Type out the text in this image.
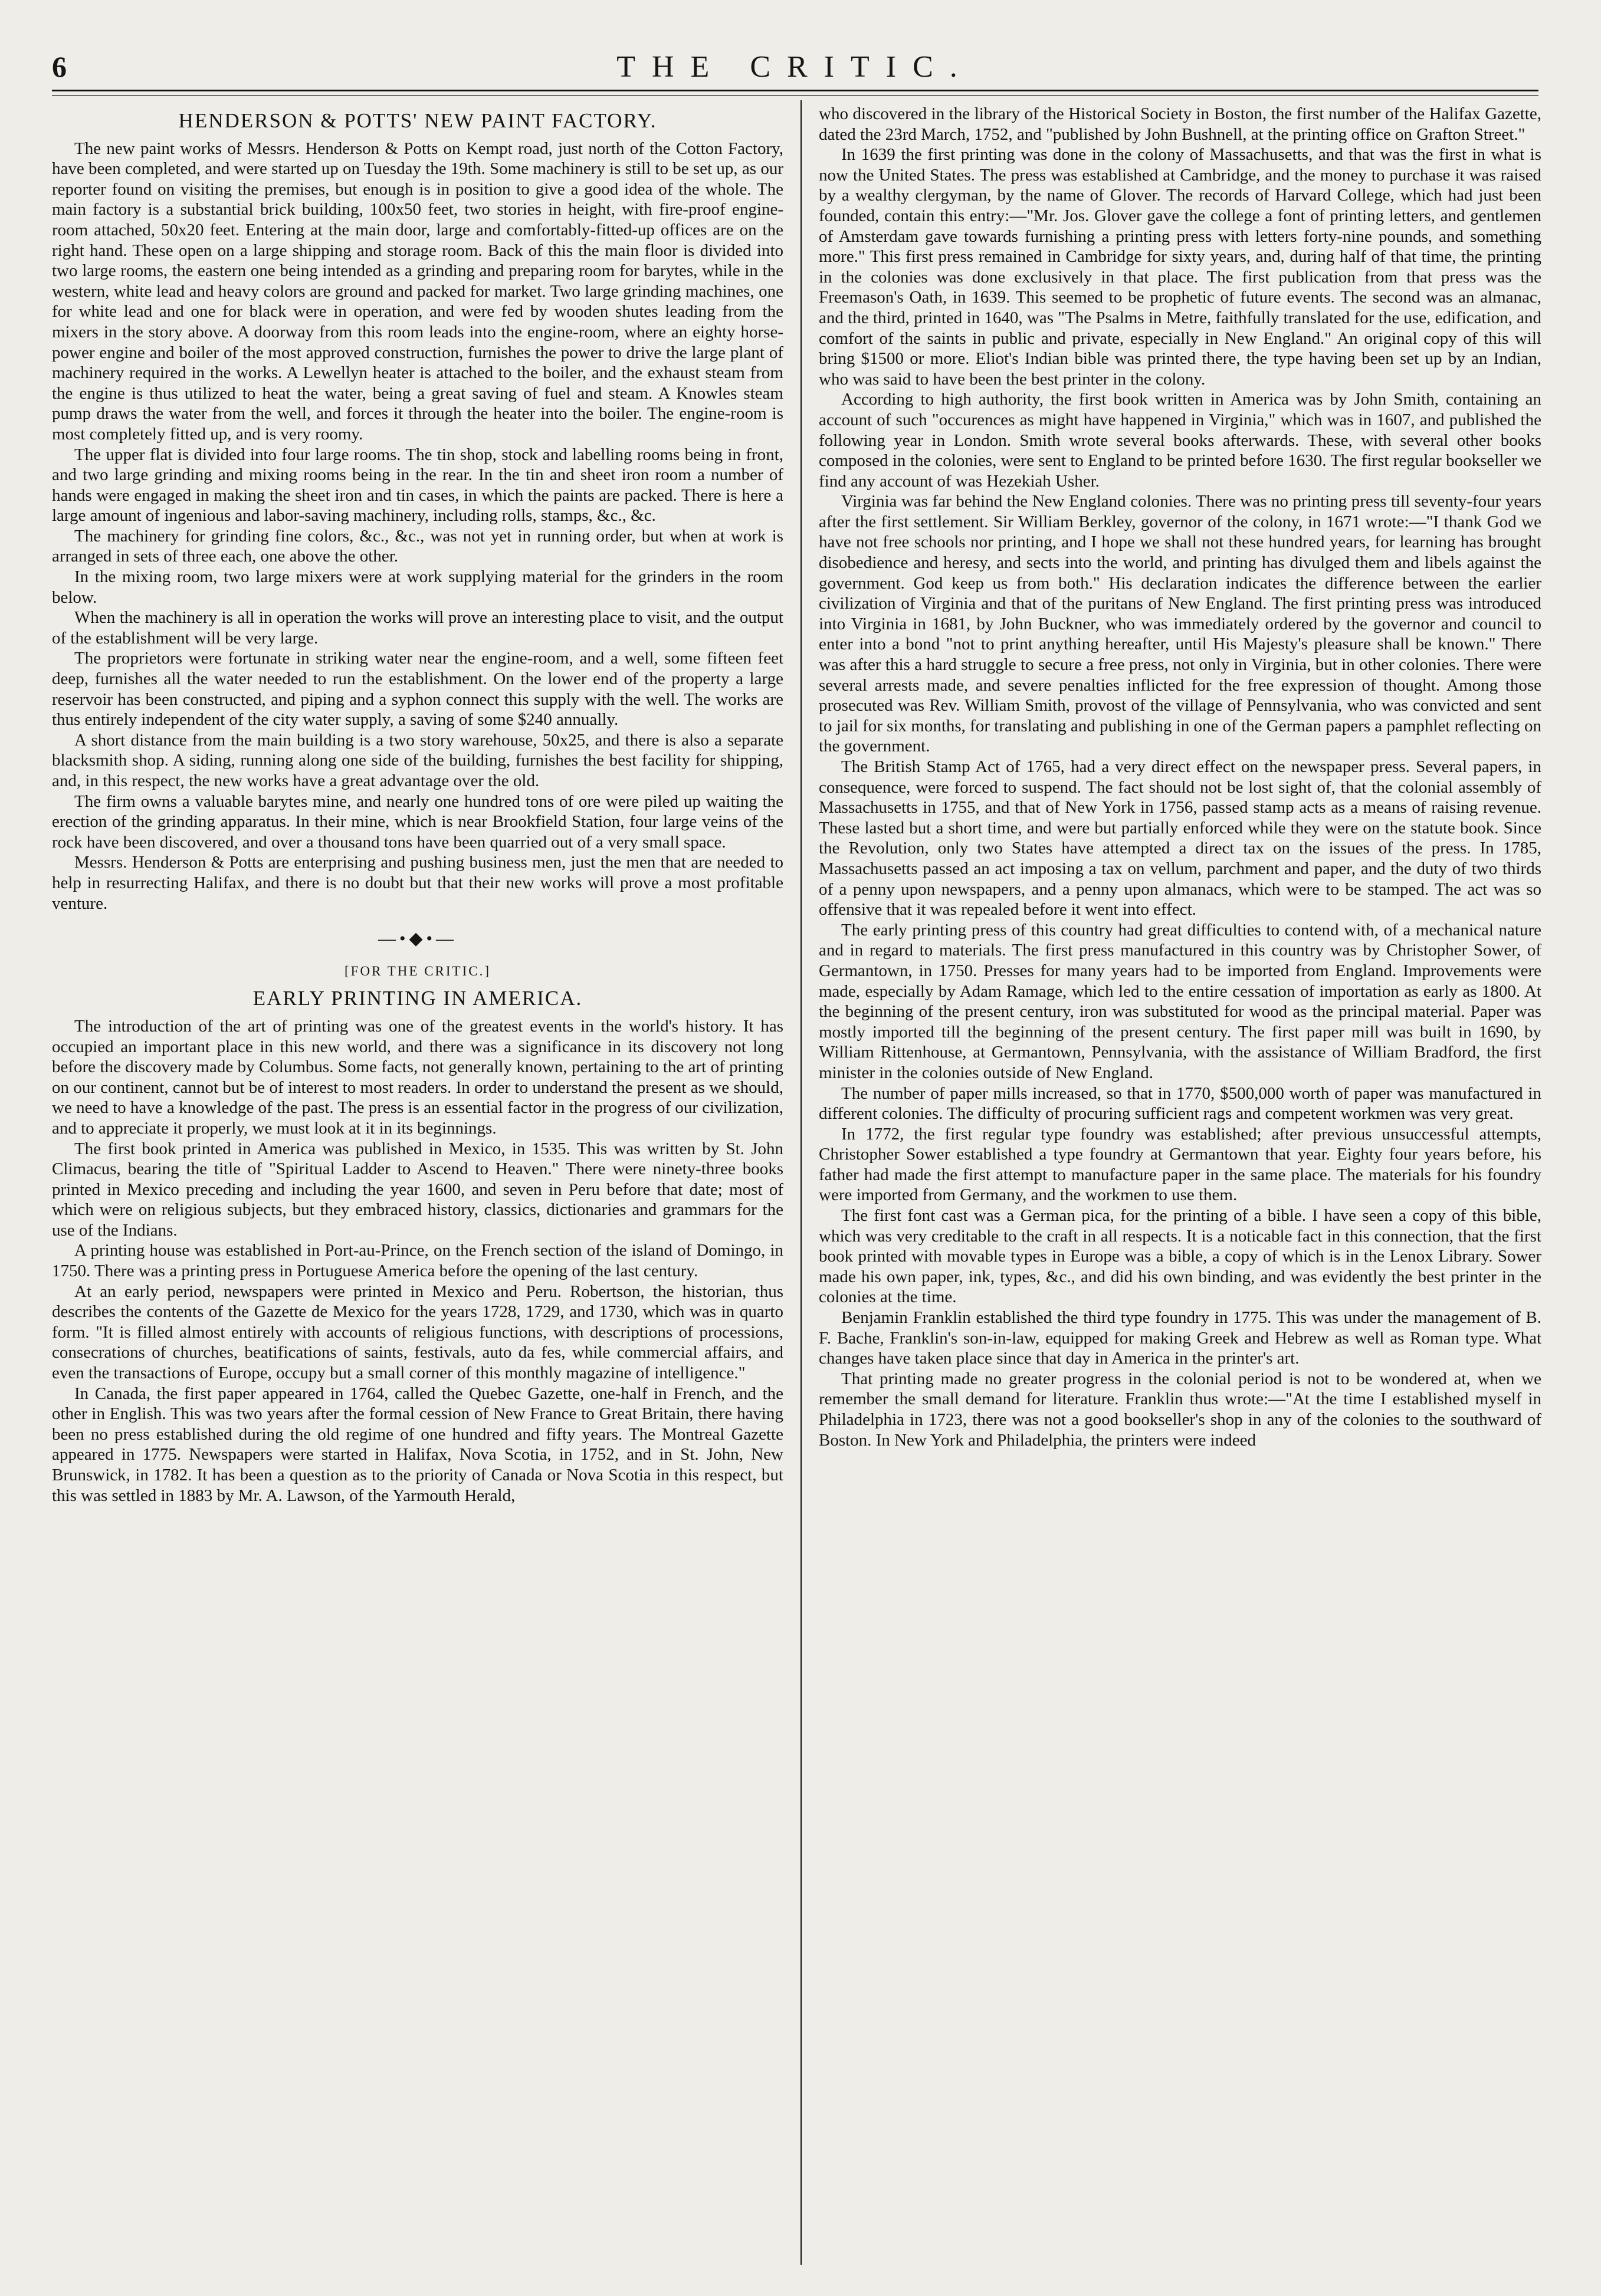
6	THE CRITIC.
HENDERSON & POTTS' NEW PAINT FACTORY.

The new paint works of Messrs. Henderson & Potts on Kempt road, just north of the Cotton Factory, have been completed, and were started up on Tuesday the 19th. Some machinery is still to be set up, as our reporter found on visiting the premises, but enough is in position to give a good idea of the whole. The main factory is a substantial brick building, 100x50 feet, two stories in height, with fire-proof engine-room attached, 50x20 feet. Entering at the main door, large and comfortably-fitted-up offices are on the right hand. These open on a large shipping and storage room. Back of this the main floor is divided into two large rooms, the eastern one being intended as a grinding and preparing room for barytes, while in the western, white lead and heavy colors are ground and packed for market. Two large grinding machines, one for white lead and one for black were in operation, and were fed by wooden shutes leading from the mixers in the story above. A doorway from this room leads into the engine-room, where an eighty horse-power engine and boiler of the most approved construction, furnishes the power to drive the large plant of machinery required in the works. A Lewellyn heater is attached to the boiler, and the exhaust steam from the engine is thus utilized to heat the water, being a great saving of fuel and steam. A Knowles steam pump draws the water from the well, and forces it through the heater into the boiler. The engine-room is most completely fitted up, and is very roomy.

The upper flat is divided into four large rooms. The tin shop, stock and labelling rooms being in front, and two large grinding and mixing rooms being in the rear. In the tin and sheet iron room a number of hands were engaged in making the sheet iron and tin cases, in which the paints are packed. There is here a large amount of ingenious and labor-saving machinery, including rolls, stamps, &c., &c.

The machinery for grinding fine colors, &c., &c., was not yet in running order, but when at work is arranged in sets of three each, one above the other.

In the mixing room, two large mixers were at work supplying material for the grinders in the room below.

When the machinery is all in operation the works will prove an interesting place to visit, and the output of the establishment will be very large.

The proprietors were fortunate in striking water near the engine-room, and a well, some fifteen feet deep, furnishes all the water needed to run the establishment. On the lower end of the property a large reservoir has been constructed, and piping and a syphon connect this supply with the well. The works are thus entirely independent of the city water supply, a saving of some $240 annually.

A short distance from the main building is a two story warehouse, 50x25, and there is also a separate blacksmith shop. A siding, running along one side of the building, furnishes the best facility for shipping, and, in this respect, the new works have a great advantage over the old.

The firm owns a valuable barytes mine, and nearly one hundred tons of ore were piled up waiting the erection of the grinding apparatus. In their mine, which is near Brookfield Station, four large veins of the rock have been discovered, and over a thousand tons have been quarried out of a very small space.

Messrs. Henderson & Potts are enterprising and pushing business men, just the men that are needed to help in resurrecting Halifax, and there is no doubt but that their new works will prove a most profitable venture.

—•◆•—
[FOR THE CRITIC.]
EARLY PRINTING IN AMERICA.

The introduction of the art of printing was one of the greatest events in the world's history. It has occupied an important place in this new world, and there was a significance in its discovery not long before the discovery made by Columbus. Some facts, not generally known, pertaining to the art of printing on our continent, cannot but be of interest to most readers. In order to understand the present as we should, we need to have a knowledge of the past. The press is an essential factor in the progress of our civilization, and to appreciate it properly, we must look at it in its beginnings.

The first book printed in America was published in Mexico, in 1535. This was written by St. John Climacus, bearing the title of "Spiritual Ladder to Ascend to Heaven." There were ninety-three books printed in Mexico preceding and including the year 1600, and seven in Peru before that date; most of which were on religious subjects, but they embraced history, classics, dictionaries and grammars for the use of the Indians.

A printing house was established in Port-au-Prince, on the French section of the island of Domingo, in 1750. There was a printing press in Portuguese America before the opening of the last century.

At an early period, newspapers were printed in Mexico and Peru. Robertson, the historian, thus describes the contents of the Gazette de Mexico for the years 1728, 1729, and 1730, which was in quarto form. "It is filled almost entirely with accounts of religious functions, with descriptions of processions, consecrations of churches, beatifications of saints, festivals, auto da fes, while commercial affairs, and even the transactions of Europe, occupy but a small corner of this monthly magazine of intelligence."

In Canada, the first paper appeared in 1764, called the Quebec Gazette, one-half in French, and the other in English. This was two years after the formal cession of New France to Great Britain, there having been no press established during the old regime of one hundred and fifty years. The Montreal Gazette appeared in 1775. Newspapers were started in Halifax, Nova Scotia, in 1752, and in St. John, New Brunswick, in 1782. It has been a question as to the priority of Canada or Nova Scotia in this respect, but this was settled in 1883 by Mr. A. Lawson, of the Yarmouth Herald,

who discovered in the library of the Historical Society in Boston, the first number of the Halifax Gazette, dated the 23rd March, 1752, and "published by John Bushnell, at the printing office on Grafton Street."

In 1639 the first printing was done in the colony of Massachusetts, and that was the first in what is now the United States. The press was established at Cambridge, and the money to purchase it was raised by a wealthy clergyman, by the name of Glover. The records of Harvard College, which had just been founded, contain this entry:—"Mr. Jos. Glover gave the college a font of printing letters, and gentlemen of Amsterdam gave towards furnishing a printing press with letters forty-nine pounds, and something more." This first press remained in Cambridge for sixty years, and, during half of that time, the printing in the colonies was done exclusively in that place. The first publication from that press was the Freemason's Oath, in 1639. This seemed to be prophetic of future events. The second was an almanac, and the third, printed in 1640, was "The Psalms in Metre, faithfully translated for the use, edification, and comfort of the saints in public and private, especially in New England." An original copy of this will bring $1500 or more. Eliot's Indian bible was printed there, the type having been set up by an Indian, who was said to have been the best printer in the colony.

According to high authority, the first book written in America was by John Smith, containing an account of such "occurences as might have happened in Virginia," which was in 1607, and published the following year in London. Smith wrote several books afterwards. These, with several other books composed in the colonies, were sent to England to be printed before 1630. The first regular bookseller we find any account of was Hezekiah Usher.

Virginia was far behind the New England colonies. There was no printing press till seventy-four years after the first settlement. Sir William Berkley, governor of the colony, in 1671 wrote:—"I thank God we have not free schools nor printing, and I hope we shall not these hundred years, for learning has brought disobedience and heresy, and sects into the world, and printing has divulged them and libels against the government. God keep us from both." His declaration indicates the difference between the earlier civilization of Virginia and that of the puritans of New England. The first printing press was introduced into Virginia in 1681, by John Buckner, who was immediately ordered by the governor and council to enter into a bond "not to print anything hereafter, until His Majesty's pleasure shall be known." There was after this a hard struggle to secure a free press, not only in Virginia, but in other colonies. There were several arrests made, and severe penalties inflicted for the free expression of thought. Among those prosecuted was Rev. William Smith, provost of the village of Pennsylvania, who was convicted and sent to jail for six months, for translating and publishing in one of the German papers a pamphlet reflecting on the government.

The British Stamp Act of 1765, had a very direct effect on the newspaper press. Several papers, in consequence, were forced to suspend. The fact should not be lost sight of, that the colonial assembly of Massachusetts in 1755, and that of New York in 1756, passed stamp acts as a means of raising revenue. These lasted but a short time, and were but partially enforced while they were on the statute book. Since the Revolution, only two States have attempted a direct tax on the issues of the press. In 1785, Massachusetts passed an act imposing a tax on vellum, parchment and paper, and the duty of two thirds of a penny upon newspapers, and a penny upon almanacs, which were to be stamped. The act was so offensive that it was repealed before it went into effect.

The early printing press of this country had great difficulties to contend with, of a mechanical nature and in regard to materials. The first press manufactured in this country was by Christopher Sower, of Germantown, in 1750. Presses for many years had to be imported from England. Improvements were made, especially by Adam Ramage, which led to the entire cessation of importation as early as 1800. At the beginning of the present century, iron was substituted for wood as the principal material. Paper was mostly imported till the beginning of the present century. The first paper mill was built in 1690, by William Rittenhouse, at Germantown, Pennsylvania, with the assistance of William Bradford, the first minister in the colonies outside of New England.

The number of paper mills increased, so that in 1770, $500,000 worth of paper was manufactured in different colonies. The difficulty of procuring sufficient rags and competent workmen was very great.

In 1772, the first regular type foundry was established; after previous unsuccessful attempts, Christopher Sower established a type foundry at Germantown that year. Eighty four years before, his father had made the first attempt to manufacture paper in the same place. The materials for his foundry were imported from Germany, and the workmen to use them.

The first font cast was a German pica, for the printing of a bible. I have seen a copy of this bible, which was very creditable to the craft in all respects. It is a noticable fact in this connection, that the first book printed with movable types in Europe was a bible, a copy of which is in the Lenox Library. Sower made his own paper, ink, types, &c., and did his own binding, and was evidently the best printer in the colonies at the time.

Benjamin Franklin established the third type foundry in 1775. This was under the management of B. F. Bache, Franklin's son-in-law, equipped for making Greek and Hebrew as well as Roman type. What changes have taken place since that day in America in the printer's art.

That printing made no greater progress in the colonial period is not to be wondered at, when we remember the small demand for literature. Franklin thus wrote:—"At the time I established myself in Philadelphia in 1723, there was not a good bookseller's shop in any of the colonies to the southward of Boston. In New York and Philadelphia, the printers were indeed
